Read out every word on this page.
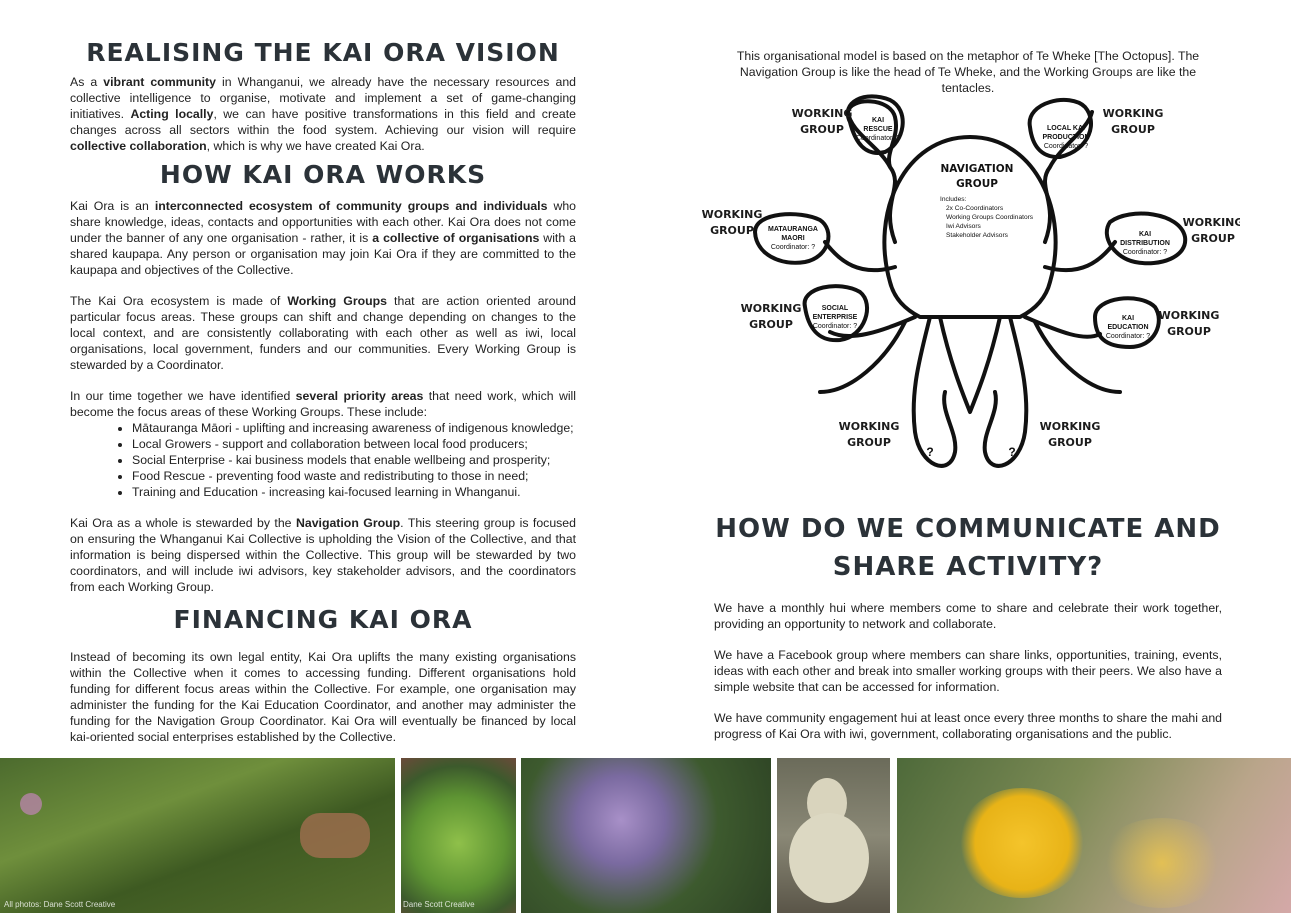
REALISING THE KAI ORA VISION

As a vibrant community in Whanganui, we already have the necessary resources and collective intelligence to organise, motivate and implement a set of game-changing initiatives. Acting locally, we can have positive transformations in this field and create changes across all sectors within the food system. Achieving our vision will require collective collaboration, which is why we have created Kai Ora.

HOW KAI ORA WORKS

Kai Ora is an interconnected ecosystem of community groups and individuals who share knowledge, ideas, contacts and opportunities with each other. Kai Ora does not come under the banner of any one organisation - rather, it is a collective of organisations with a shared kaupapa. Any person or organisation may join Kai Ora if they are committed to the kaupapa and objectives of the Collective.

The Kai Ora ecosystem is made of Working Groups that are action oriented around particular focus areas. These groups can shift and change depending on changes to the local context, and are consistently collaborating with each other as well as iwi, local organisations, local government, funders and our communities. Every Working Group is stewarded by a Coordinator.

In our time together we have identified several priority areas that need work, which will become the focus areas of these Working Groups. These include:

• Mātauranga Māori - uplifting and increasing awareness of indigenous knowledge;
• Local Growers - support and collaboration between local food producers;
• Social Enterprise - kai business models that enable wellbeing and prosperity;
• Food Rescue - preventing food waste and redistributing to those in need;
• Training and Education - increasing kai-focused learning in Whanganui.

Kai Ora as a whole is stewarded by the Navigation Group. This steering group is focused on ensuring the Whanganui Kai Collective is upholding the Vision of the Collective, and that information is being dispersed within the Collective. This group will be stewarded by two coordinators, and will include iwi advisors, key stakeholder advisors, and the coordinators from each Working Group.

FINANCING KAI ORA

Instead of becoming its own legal entity, Kai Ora uplifts the many existing organisations within the Collective when it comes to accessing funding. Different organisations hold funding for different focus areas within the Collective. For example, one organisation may administer the funding for the Kai Education Coordinator, and another may administer the funding for the Navigation Group Coordinator. Kai Ora will eventually be financed by local kai-oriented social enterprises established by the Collective.

This organisational model is based on the metaphor of Te Wheke [The Octopus]. The Navigation Group is like the head of Te Wheke, and the Working Groups are like the tentacles.
NAVIGATION
GROUP
Includes:
2x Co-Coordinators
Working Groups Coordinators
Iwi Advisors
Stakeholder Advisors
KAI
RESCUE
Coordinator: ?
LOCAL KAI
PRODUCTION
Coordinator: ?
MATAURANGA
MAORI
Coordinator: ?
KAI
DISTRIBUTION
Coordinator: ?
SOCIAL
ENTERPRISE
Coordinator: ?
KAI
EDUCATION
Coordinator: ?
?	?
WORKING
GROUP
WORKING
GROUP
WORKING
GROUP
WORKING
GROUP
WORKING
GROUP
WORKING
GROUP
WORKING
GROUP
WORKING
GROUP
HOW DO WE COMMUNICATE AND
SHARE ACTIVITY?

We have a monthly hui where members come to share and celebrate their work together, providing an opportunity to network and collaborate.

We have a Facebook group where members can share links, opportunities, training, events, ideas with each other and break into smaller working groups with their peers. We also have a simple website that can be accessed for information.

We have community engagement hui at least once every three months to share the mahi and progress of Kai Ora with iwi, government, collaborating organisations and the public.

All photos: Dane Scott Creative	Dane Scott Creative
